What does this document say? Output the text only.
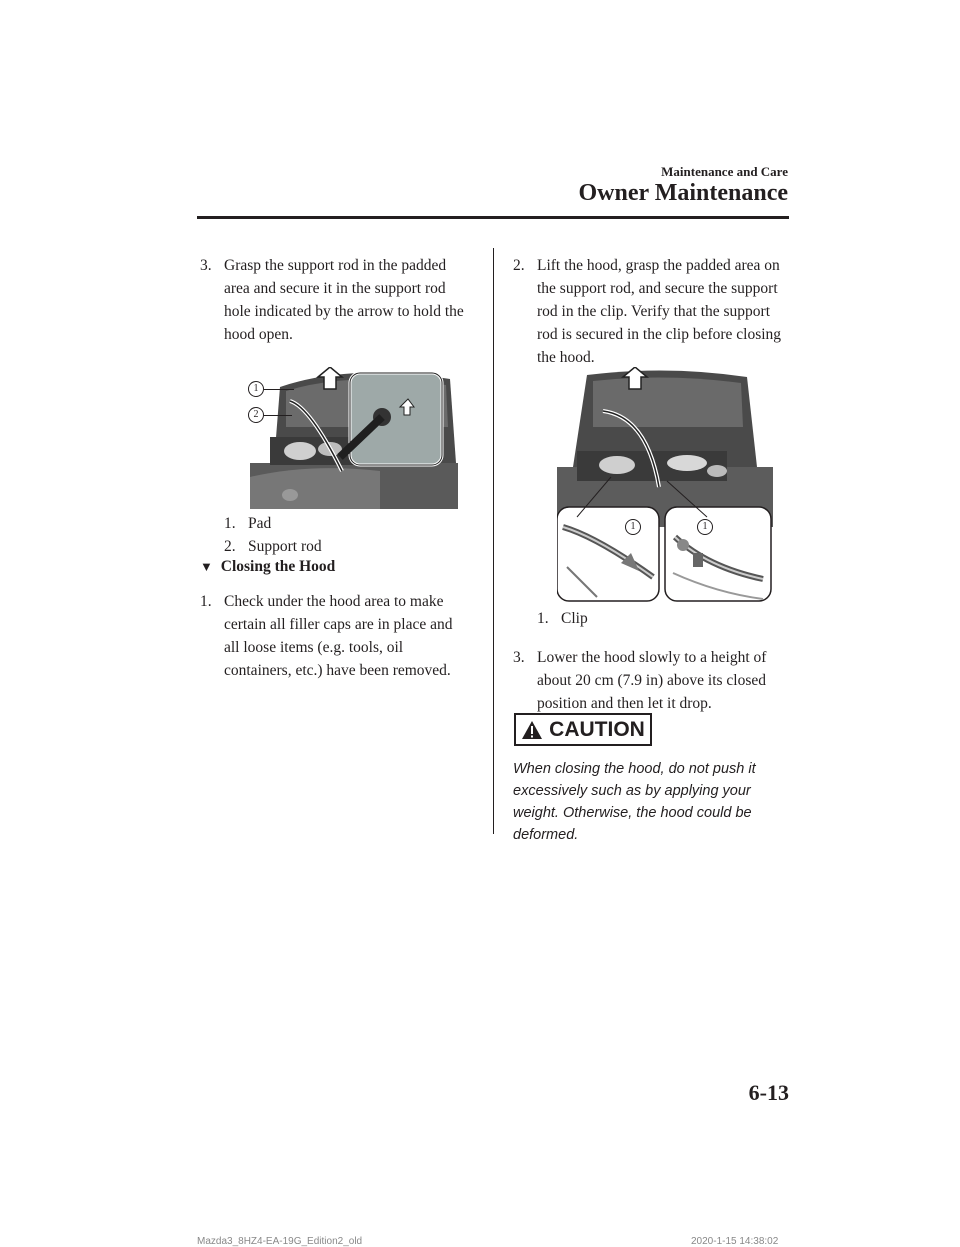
Maintenance and Care
Owner Maintenance
3. Grasp the support rod in the padded
area and secure it in the support rod
hole indicated by the arrow to hold the
hood open.
1
2
1. Pad
2. Support rod
▼ Closing the Hood
1. Check under the hood area to make
certain all filler caps are in place and
all loose items (e.g. tools, oil
containers, etc.) have been removed.
2. Lift the hood, grasp the padded area on
the support rod, and secure the support
rod in the clip. Verify that the support
rod is secured in the clip before closing
the hood.
1	1
1. Clip
3. Lower the hood slowly to a height of
about 20 cm (7.9 in) above its closed
position and then let it drop.
CAUTION
When closing the hood, do not push it
excessively such as by applying your
weight. Otherwise, the hood could be
deformed.
6-13
Mazda3_8HZ4-EA-19G_Edition2_old	2020-1-15 14:38:02
